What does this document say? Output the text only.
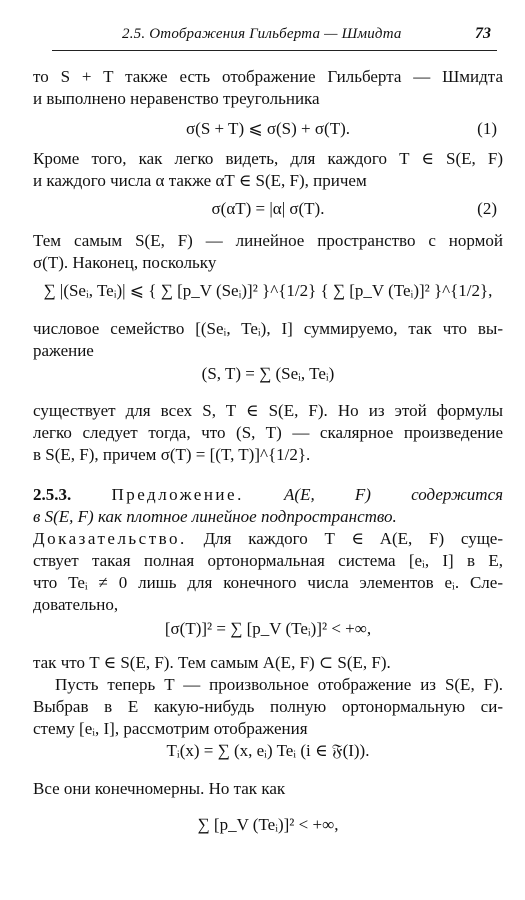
2.5. Отображения Гильберта — Шмидта	73
то S + T также есть отображение Гильберта — Шмидта
и выполнено неравенство треугольника
σ(S + T) ⩽ σ(S) + σ(T).	(1)
Кроме того, как легко видеть, для каждого T ∈ S(E, F)
и каждого числа α также αT ∈ S(E, F), причем
σ(αT) = |α| σ(T).	(2)
Тем самым S(E, F) — линейное пространство с нормой
σ(T). Наконец, поскольку
∑ |(Seᵢ, Teᵢ)| ⩽ { ∑ [p_V (Seᵢ)]² }^{1/2} { ∑ [p_V (Teᵢ)]² }^{1/2},
числовое семейство [(Seᵢ, Teᵢ), I] суммируемо, так что вы-
ражение
(S, T) = ∑ (Seᵢ, Teᵢ)
существует для всех S, T ∈ S(E, F). Но из этой формулы
легко следует тогда, что (S, T) — скалярное произведение
в S(E, F), причем σ(T) = [(T, T)]^{1/2}.
2.5.3. Предложение. A(E, F) содержится
в S(E, F) как плотное линейное подпространство.
Доказательство. Для каждого T ∈ A(E, F) суще-
ствует такая полная ортонормальная система [eᵢ, I] в E,
что Teᵢ ≠ 0 лишь для конечного числа элементов eᵢ. Сле-
довательно,
[σ(T)]² = ∑ [p_V (Teᵢ)]² < +∞,
так что T ∈ S(E, F). Тем самым A(E, F) ⊂ S(E, F).
Пусть теперь T — произвольное отображение из S(E, F).
Выбрав в E какую-нибудь полную ортонормальную си-
стему [eᵢ, I], рассмотрим отображения
Tᵢ(x) = ∑ (x, eᵢ) Teᵢ (i ∈ 𝔉(I)).
Все они конечномерны. Но так как
∑ [p_V (Teᵢ)]² < +∞,
